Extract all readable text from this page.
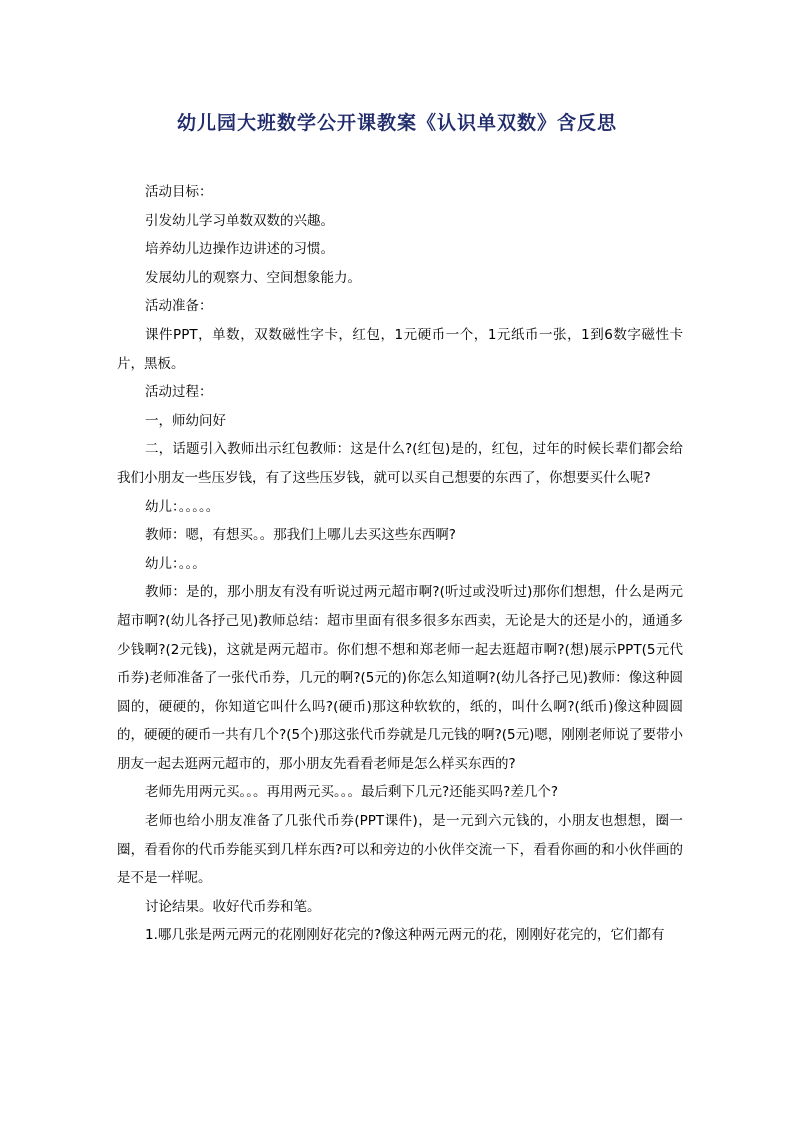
幼儿园大班数学公开课教案《认识单双数》含反思

活动目标：

引发幼儿学习单数双数的兴趣。

培养幼儿边操作边讲述的习惯。

发展幼儿的观察力、空间想象能力。

活动准备：

课件PPT，单数，双数磁性字卡，红包，1元硬币一个，1元纸币一张，1到6数字磁性卡片，黑板。

活动过程：

一，师幼问好

二，话题引入教师出示红包教师：这是什么?(红包)是的，红包，过年的时候长辈们都会给我们小朋友一些压岁钱，有了这些压岁钱，就可以买自己想要的东西了，你想要买什么呢?

幼儿：。。。。。

教师：嗯，有想买。。那我们上哪儿去买这些东西啊?

幼儿：。。。

教师：是的，那小朋友有没有听说过两元超市啊?(听过或没听过)那你们想想，什么是两元超市啊?(幼儿各抒己见)教师总结：超市里面有很多很多东西卖，无论是大的还是小的，通通多少钱啊?(2元钱)，这就是两元超市。你们想不想和郑老师一起去逛超市啊?(想)展示PPT(5元代币券)老师准备了一张代币券，几元的啊?(5元的)你怎么知道啊?(幼儿各抒己见)教师：像这种圆圆的，硬硬的，你知道它叫什么吗?(硬币)那这种软软的，纸的，叫什么啊?(纸币)像这种圆圆的，硬硬的硬币一共有几个?(5个)那这张代币券就是几元钱的啊?(5元)嗯，刚刚老师说了要带小朋友一起去逛两元超市的，那小朋友先看看老师是怎么样买东西的?

老师先用两元买。。。再用两元买。。。最后剩下几元?还能买吗?差几个?

老师也给小朋友准备了几张代币券(PPT课件)，是一元到六元钱的，小朋友也想想，圈一圈，看看你的代币券能买到几样东西?可以和旁边的小伙伴交流一下，看看你画的和小伙伴画的是不是一样呢。

讨论结果。收好代币券和笔。

1.哪几张是两元两元的花刚刚好花完的?像这种两元两元的花，刚刚好花完的，它们都有
